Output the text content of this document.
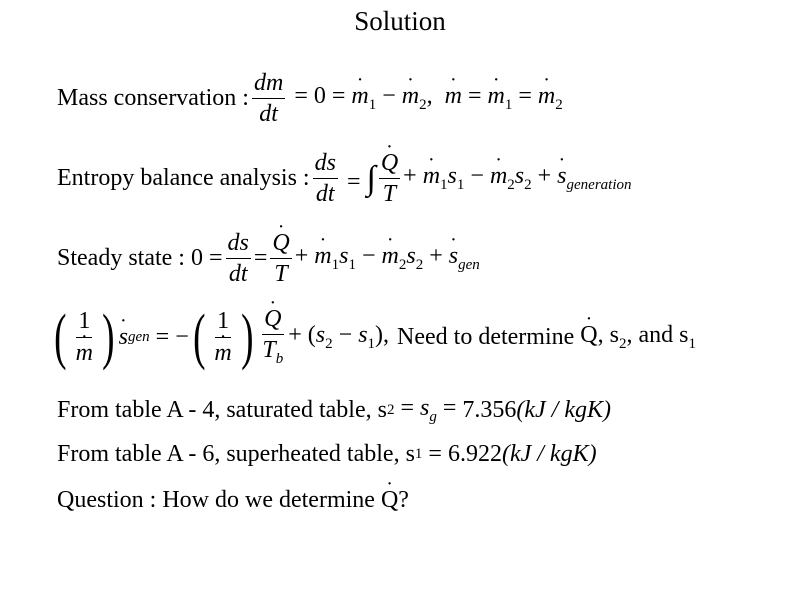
Solution
Mass conservation : $\frac{dm}{dt} = 0$ = · $m_1$ − · $m_2$,  · m = · $m_1$ = · $m_2$
Entropy balance analysis : $\frac{ds}{dt}$ = ∫ · $\frac{Q}{T}$ + · $m_1s_1$ − · $m_2s_2$ + · $s_{generation}$
Steady state : $0 = \frac{ds}{dt}$ = · $\frac{Q}{T}$ + · $m_1s_1$ − · $m_2s_2$ + · $s_{gen}$
( 1
· m ) · s gen = − ( 1
· m ) · $\frac{Q}{T_b} + (s_2 - s_1)$, Need to determine · Q, $s_2$, and $s_1$
From table A - 4, saturated table, s $2 = s_g = 7.356$ (kJ / kgK)
From table A - 6, superheated table, s 1 = 6.922 (kJ / kgK)
Question : How do we determine · Q?
